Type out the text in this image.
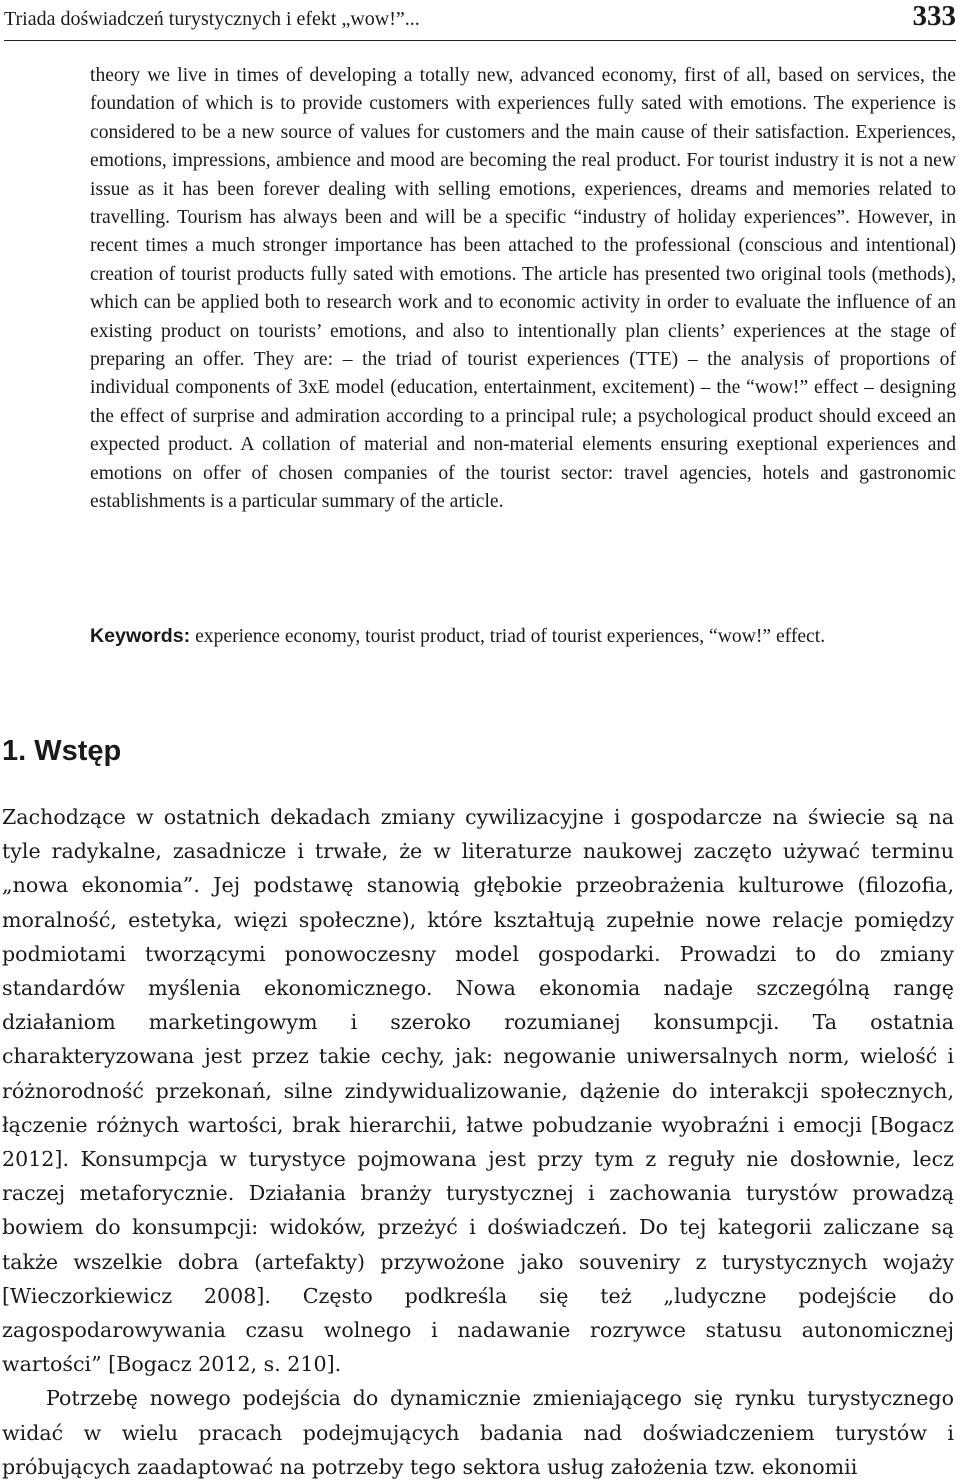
Triada doświadczeń turystycznych i efekt „wow!”...	333

theory we live in times of developing a totally new, advanced economy, first of all, based on services, the foundation of which is to provide customers with experiences fully sated with emotions. The experience is considered to be a new source of values for customers and the main cause of their satisfaction. Experiences, emotions, impressions, ambience and mood are becoming the real product. For tourist industry it is not a new issue as it has been forever dealing with selling emotions, experiences, dreams and memories related to travelling. Tourism has always been and will be a specific “industry of holiday experiences”. However, in recent times a much stronger importance has been attached to the professional (conscious and intentional) creation of tourist products fully sated with emotions. The article has presented two original tools (methods), which can be applied both to research work and to economic activity in order to evaluate the influence of an existing product on tourists’ emotions, and also to intentionally plan clients’ experiences at the stage of preparing an offer. They are: – the triad of tourist experiences (TTE) – the analysis of proportions of individual components of 3xE model (education, entertainment, excitement) – the “wow!” effect – designing the effect of surprise and admiration according to a principal rule; a psychological product should exceed an expected product. A collation of material and non-material elements ensuring exeptional experiences and emotions on offer of chosen companies of the tourist sector: travel agencies, hotels and gastronomic establishments is a particular summary of the article.

Keywords: experience economy, tourist product, triad of tourist experiences, “wow!” effect.

1. Wstęp

Zachodzące w ostatnich dekadach zmiany cywilizacyjne i gospodarcze na świecie są na tyle radykalne, zasadnicze i trwałe, że w literaturze naukowej zaczęto używać terminu „nowa ekonomia”. Jej podstawę stanowią głębokie przeobrażenia kulturowe (filozofia, moralność, estetyka, więzi społeczne), które kształtują zupełnie nowe relacje pomiędzy podmiotami tworzącymi ponowoczesny model gospodarki. Prowadzi to do zmiany standardów myślenia ekonomicznego. Nowa ekonomia nadaje szczególną rangę działaniom marketingowym i szeroko rozumianej konsumpcji. Ta ostatnia charakteryzowana jest przez takie cechy, jak: negowanie uniwersalnych norm, wielość i różnorodność przekonań, silne zindywidualizowanie, dążenie do interakcji społecznych, łączenie różnych wartości, brak hierarchii, łatwe pobudzanie wyobraźni i emocji [Bogacz 2012]. Konsumpcja w turystyce pojmowana jest przy tym z reguły nie dosłownie, lecz raczej metaforycznie. Działania branży turystycznej i zachowania turystów prowadzą bowiem do konsumpcji: widoków, przeżyć i doświadczeń. Do tej kategorii zaliczane są także wszelkie dobra (artefakty) przywożone jako souveniry z turystycznych wojaży [Wieczorkiewicz 2008]. Często podkreśla się też „ludyczne podejście do zagospodarowywania czasu wolnego i nadawanie rozrywce statusu autonomicznej wartości” [Bogacz 2012, s. 210].

Potrzebę nowego podejścia do dynamicznie zmieniającego się rynku turystycznego widać w wielu pracach podejmujących badania nad doświadczeniem turystów i próbujących zaadaptować na potrzeby tego sektora usług założenia tzw. ekonomii
